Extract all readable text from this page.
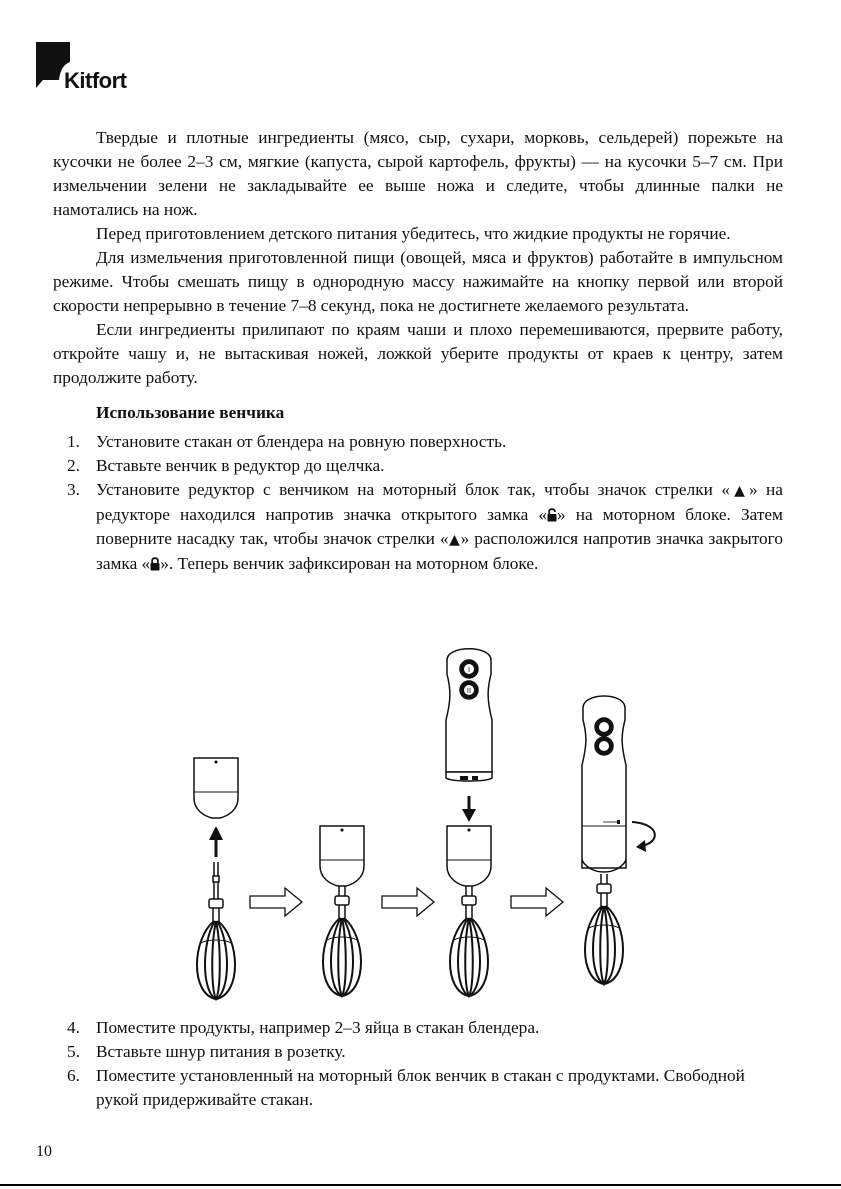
Kitfort

Твердые и плотные ингредиенты (мясо, сыр, сухари, морковь, сельдерей) порежьте на кусочки не более 2–3 см, мягкие (капуста, сырой картофель, фрукты) — на кусочки 5–7 см. При измельчении зелени не закладывайте ее выше ножа и следите, чтобы длинные палки не намотались на нож.

Перед приготовлением детского питания убедитесь, что жидкие продукты не горячие.

Для измельчения приготовленной пищи (овощей, мяса и фруктов) работайте в импульсном режиме. Чтобы смешать пищу в однородную массу нажимайте на кнопку первой или второй скорости непрерывно в течение 7–8 секунд, пока не достигнете желаемого результата.

Если ингредиенты прилипают по краям чаши и плохо перемешиваются, прервите работу, откройте чашу и, не вытаскивая ножей, ложкой уберите продукты от краев к центру, затем продолжите работу.

Использование венчика
1. Установите стакан от блендера на ровную поверхность.
2. Вставьте венчик в редуктор до щелчка.
3. Установите редуктор с венчиком на моторный блок так, чтобы значок стрелки «▲» на редукторе находился напротив значка открытого замка « » на моторном блоке. Затем поверните насадку так, чтобы значок стрелки «▲» расположился напротив значка закрытого замка « ». Теперь венчик зафиксирован на моторном блоке.
I
II
4. Поместите продукты, например 2–3 яйца в стакан блендера.
5. Вставьте шнур питания в розетку.
6. Поместите установленный на моторный блок венчик в стакан с продуктами. Свободной рукой придерживайте стакан.
10
